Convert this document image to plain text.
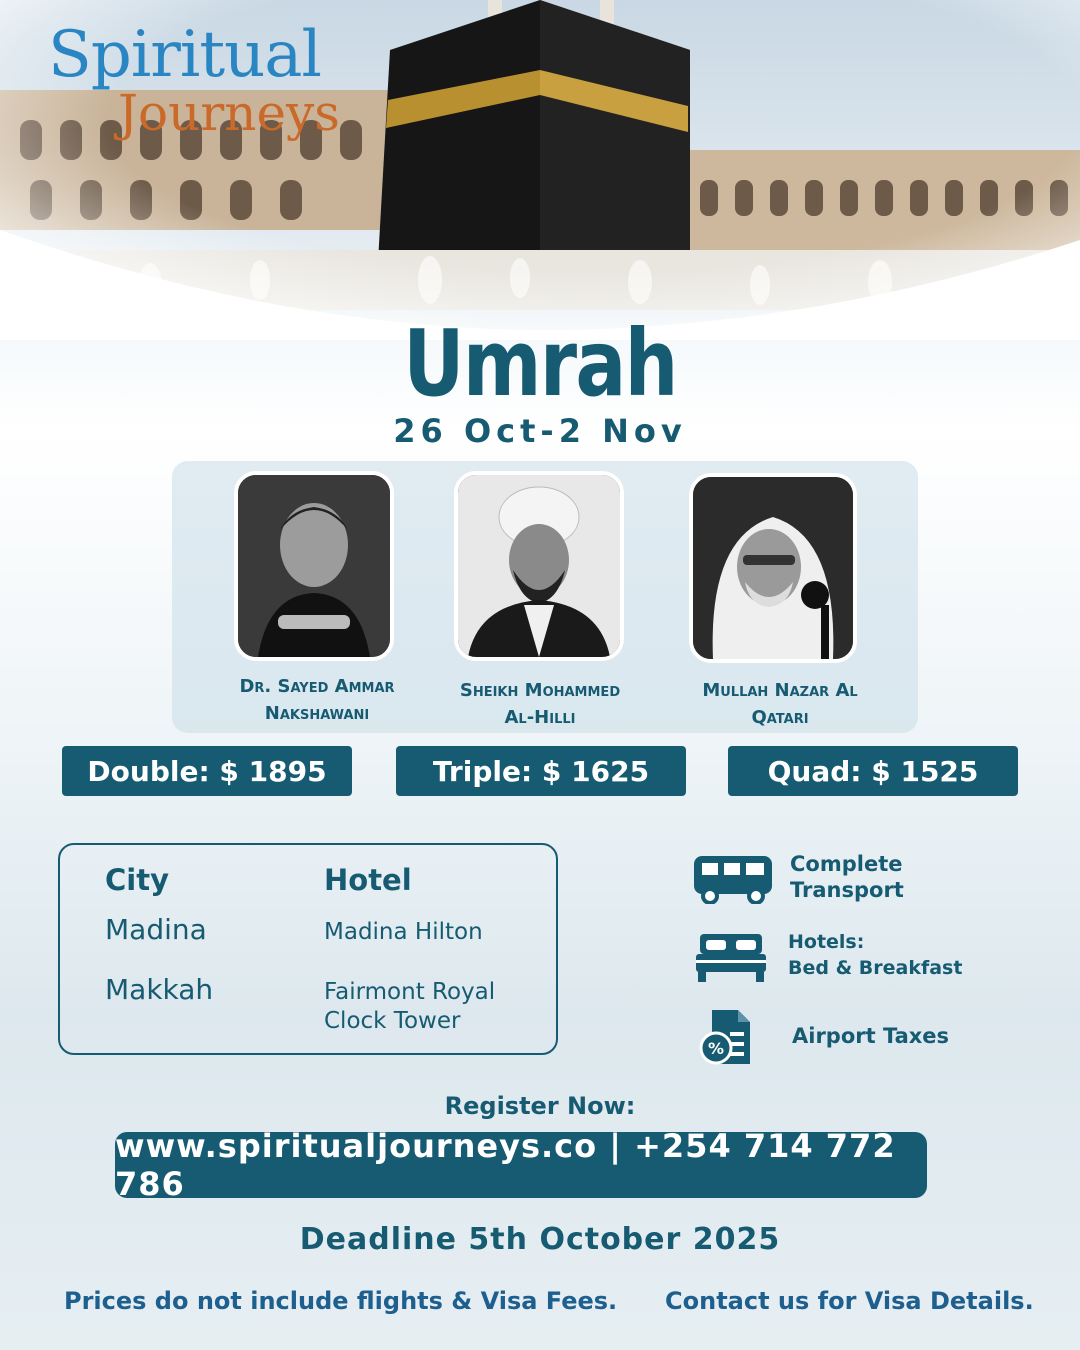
Spiritual
Journeys
Umrah
26 Oct-2 Nov
Dr. Sayed Ammar
Nakshawani
Sheikh Mohammed
Al-Hilli
Mullah Nazar Al
Qatari
Double: $ 1895	Triple: $ 1625	Quad: $ 1525
City	Hotel
Madina	Madina Hilton
Makkah	Fairmont Royal
Clock Tower
Complete
Transport
Hotels:
Bed & Breakfast
%
Airport Taxes
Register Now:
www.spiritualjourneys.co | +254 714 772 786
Deadline 5th October 2025
Prices do not include flights & Visa Fees. Contact us for Visa Details.
